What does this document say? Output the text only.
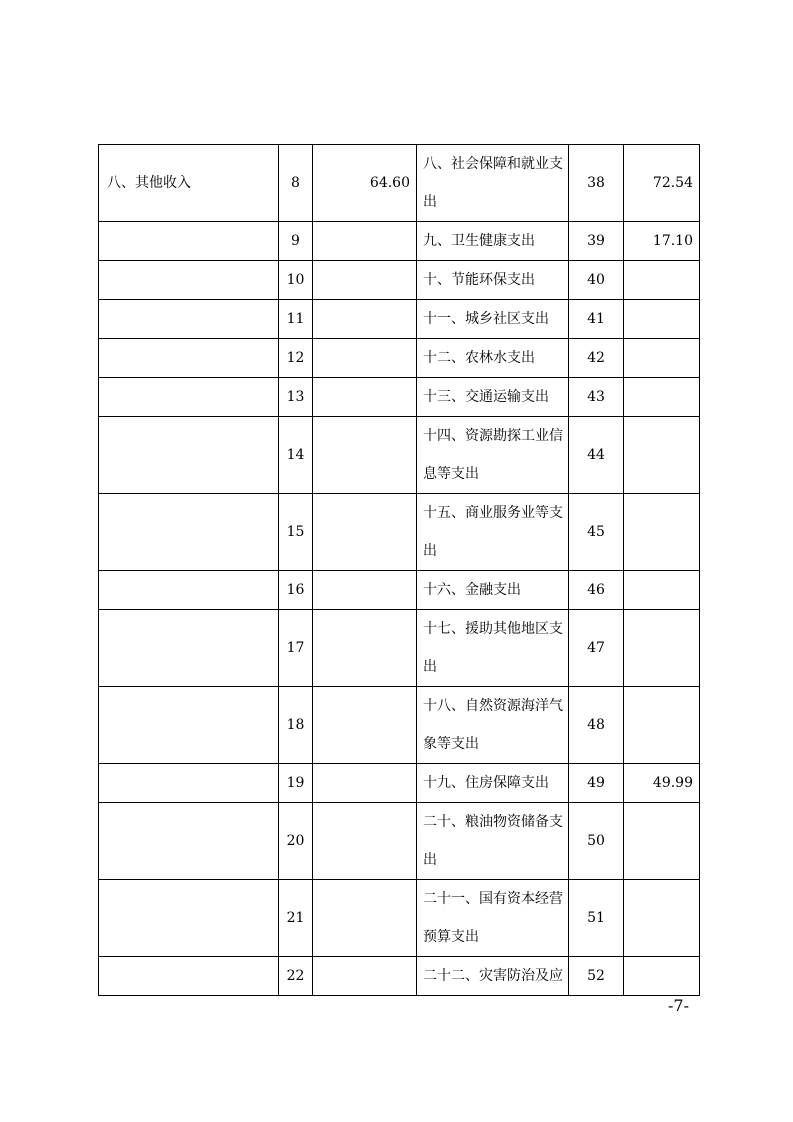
八、其他收入	8	64.60	八、社会保障和就业支出	38	72.54
	9		九、卫生健康支出	39	17.10
	10		十、节能环保支出	40	
	11		十一、城乡社区支出	41	
	12		十二、农林水支出	42	
	13		十三、交通运输支出	43	
	14		十四、资源勘探工业信息等支出	44	
	15		十五、商业服务业等支出	45	
	16		十六、金融支出	46	
	17		十七、援助其他地区支出	47	
	18		十八、自然资源海洋气象等支出	48	
	19		十九、住房保障支出	49	49.99
	20		二十、粮油物资储备支出	50	
	21		二十一、国有资本经营预算支出	51	
	22		二十二、灾害防治及应	52	
-7-
